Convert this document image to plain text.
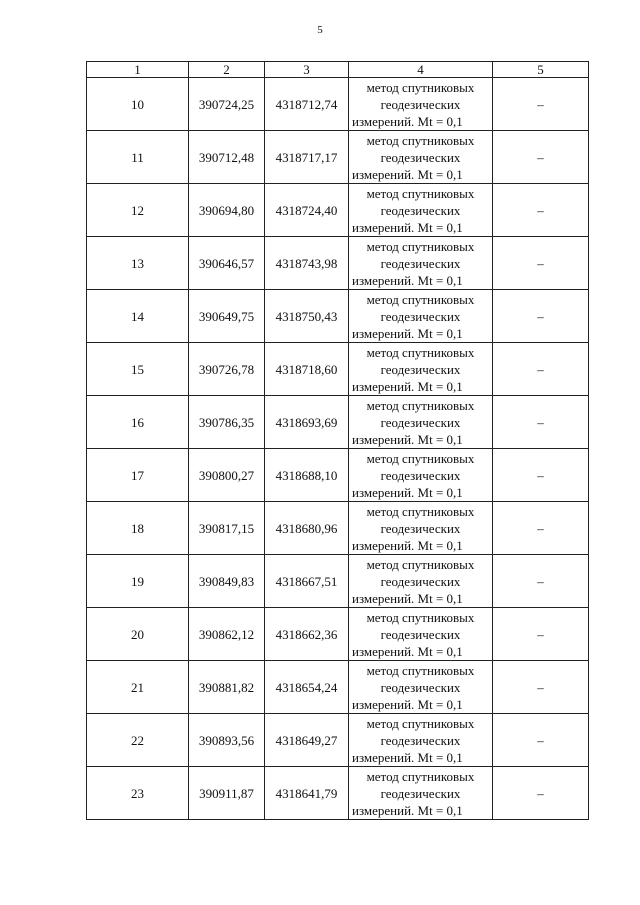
5
1	2	3	4	5
10	390724,25	4318712,74	метод спутниковых
геодезических
измерений. Mt = 0,1	–
11	390712,48	4318717,17	метод спутниковых
геодезических
измерений. Mt = 0,1	–
12	390694,80	4318724,40	метод спутниковых
геодезических
измерений. Mt = 0,1	–
13	390646,57	4318743,98	метод спутниковых
геодезических
измерений. Mt = 0,1	–
14	390649,75	4318750,43	метод спутниковых
геодезических
измерений. Mt = 0,1	–
15	390726,78	4318718,60	метод спутниковых
геодезических
измерений. Mt = 0,1	–
16	390786,35	4318693,69	метод спутниковых
геодезических
измерений. Mt = 0,1	–
17	390800,27	4318688,10	метод спутниковых
геодезических
измерений. Mt = 0,1	–
18	390817,15	4318680,96	метод спутниковых
геодезических
измерений. Mt = 0,1	–
19	390849,83	4318667,51	метод спутниковых
геодезических
измерений. Mt = 0,1	–
20	390862,12	4318662,36	метод спутниковых
геодезических
измерений. Mt = 0,1	–
21	390881,82	4318654,24	метод спутниковых
геодезических
измерений. Mt = 0,1	–
22	390893,56	4318649,27	метод спутниковых
геодезических
измерений. Mt = 0,1	–
23	390911,87	4318641,79	метод спутниковых
геодезических
измерений. Mt = 0,1	–
